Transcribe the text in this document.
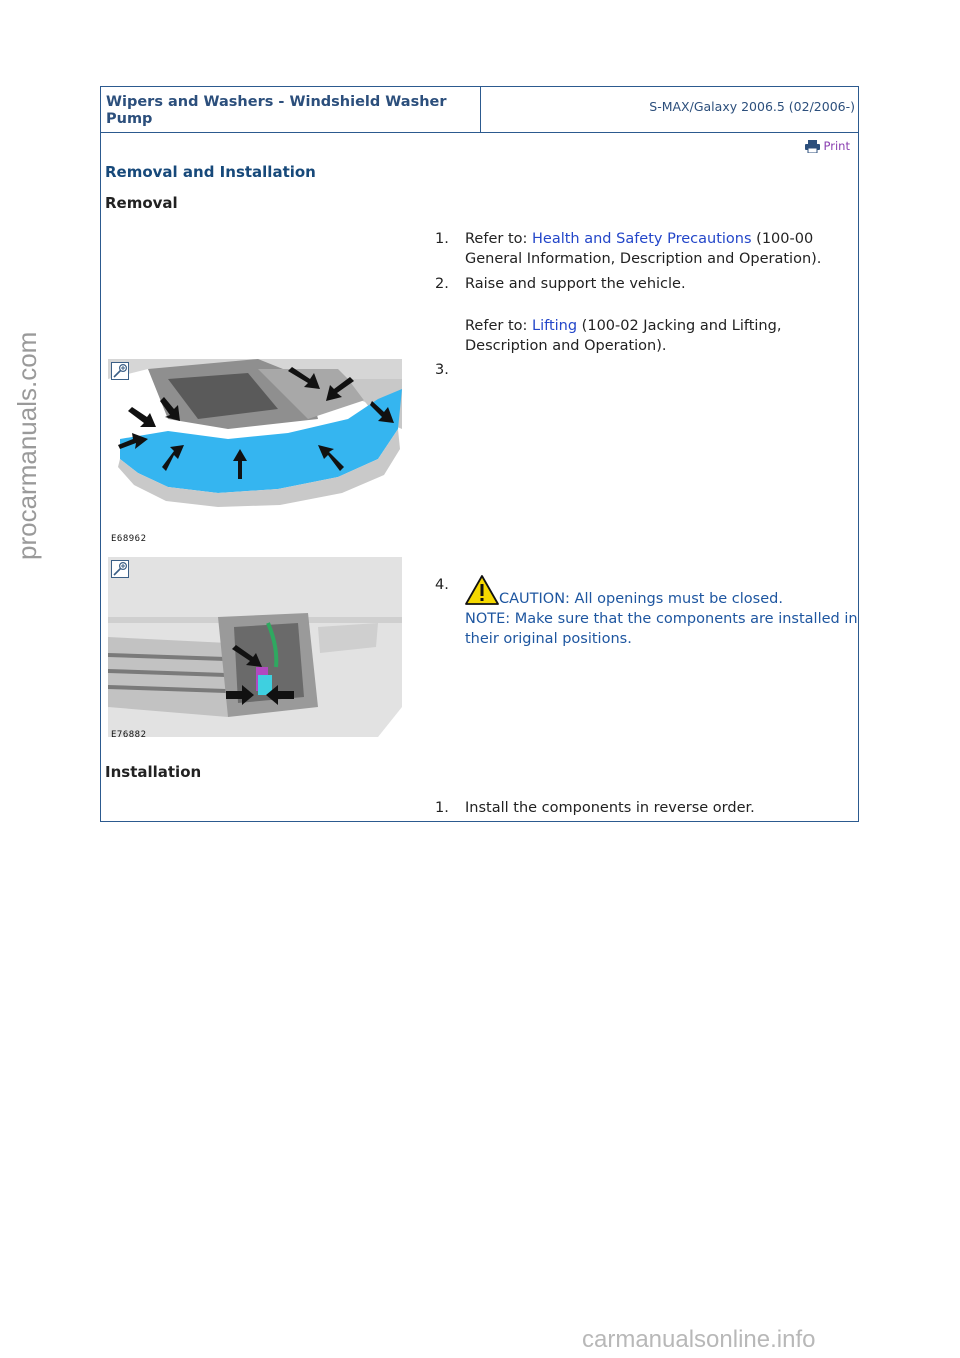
Wipers and Washers - Windshield Washer Pump
S-MAX/Galaxy 2006.5 (02/2006-)
Print
Removal and Installation
Removal
1.	Refer to: Health and Safety Precautions (100-00 General Information, Description and Operation).
2.	Raise and support the vehicle.
Refer to: Lifting (100-02 Jacking and Lifting, Description and Operation).
E68962
3.
E76882
4.
CAUTION: All openings must be closed.
NOTE: Make sure that the components are installed in their original positions.
Installation
1.	Install the components in reverse order.
procarmanuals.com
carmanualsonline.info
